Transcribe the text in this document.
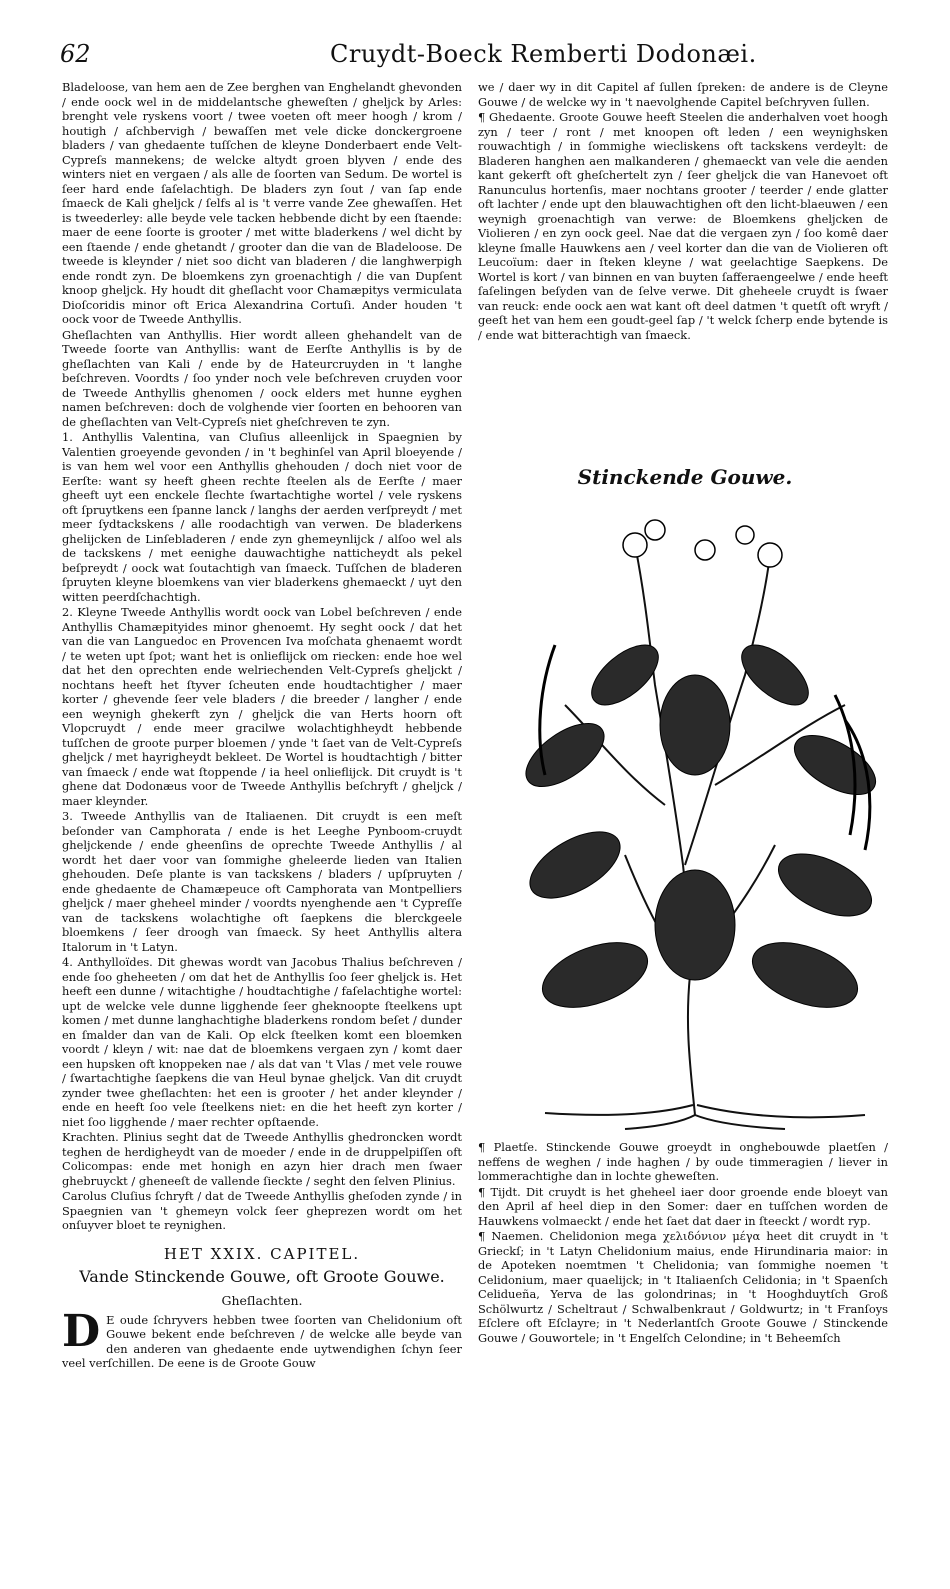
62	Cruydt-Boeck Remberti Dodonæi.

Bladeloose, van hem aen de Zee berghen van Enghelandt ghevonden / ende oock wel in de middelantsche gheweſten / gheljck by Arles: brenght vele ryskens voort / twee voeten oft meer hoogh / krom / houtigh / aſchbervigh / bewaſſen met vele dicke donckergroene bladers / van ghedaente tuſſchen de kleyne Donderbaert ende Velt-Cypreſs mannekens; de welcke altydt groen blyven / ende des winters niet en vergaen / als alle de ſoorten van Sedum. De wortel is ſeer hard ende ſaſelachtigh. De bladers zyn ſout / van ſap ende ſmaeck de Kali gheljck / ſelfs al is 't verre vande Zee ghewaſſen. Het is tweederley: alle beyde vele tacken hebbende dicht by een ſtaende: maer de eene ſoorte is grooter / met witte bladerkens / wel dicht by een ſtaende / ende ghetandt / grooter dan die van de Bladeloose. De tweede is kleynder / niet soo dicht van bladeren / die langhwerpigh ende rondt zyn. De bloemkens zyn groenachtigh / die van Dupſent knoop gheljck. Hy houdt dit gheſlacht voor Chamæpitys vermiculata Dioſcoridis minor oft Erica Alexandrina Cortuſi. Ander houden 't oock voor de Tweede Anthyllis.

Gheſlachten van Anthyllis. Hier wordt alleen ghehandelt van de Tweede ſoorte van Anthyllis: want de Eerſte Anthyllis is by de gheſlachten van Kali / ende by de Hateurcruyden in 't langhe beſchreven. Voordts / ſoo ynder noch vele beſchreven cruyden voor de Tweede Anthyllis ghenomen / oock elders met hunne eyghen namen beſchreven: doch de volghende vier ſoorten en behooren van de gheſlachten van Velt-Cypreſs niet gheſchreven te zyn.

1. Anthyllis Valentina, van Cluſius alleenlijck in Spaegnien by Valentien groeyende gevonden / in 't beghinſel van April bloeyende / is van hem wel voor een Anthyllis ghehouden / doch niet voor de Eerſte: want sy heeft gheen rechte ſteelen als de Eerſte / maer gheeft uyt een enckele ſlechte ſwartachtighe wortel / vele ryskens oft ſpruytkens een ſpanne lanck / langhs der aerden verſpreydt / met meer ſydtackskens / alle roodachtigh van verwen. De bladerkens ghelijcken de Linſebladeren / ende zyn ghemeynlijck / alſoo wel als de tackskens / met eenighe dauwachtighe natticheydt als pekel beſpreydt / oock wat ſoutachtigh van ſmaeck. Tuſſchen de bladeren ſpruyten kleyne bloemkens van vier bladerkens ghemaeckt / uyt den witten peerdſchachtigh.

2. Kleyne Tweede Anthyllis wordt oock van Lobel beſchreven / ende Anthyllis Chamæpityides minor ghenoemt. Hy seght oock / dat het van die van Languedoc en Provencen Iva moſchata ghenaemt wordt / te weten upt ſpot; want het is onlieflijck om riecken: ende hoe wel dat het den oprechten ende welriechenden Velt-Cypreſs gheljckt / nochtans heeft het ſtyver ſcheuten ende houdtachtigher / maer korter / ghevende ſeer vele bladers / die breeder / langher / ende een weynigh ghekerft zyn / gheljck die van Herts hoorn oft Vlopcruydt / ende meer gracilwe wolachtighheydt hebbende tuſſchen de groote purper bloemen / ynde 't ſaet van de Velt-Cypreſs gheljck / met hayrigheydt bekleet. De Wortel is houdtachtigh / bitter van ſmaeck / ende wat ſtoppende / ia heel onlieflijck. Dit cruydt is 't ghene dat Dodonæus voor de Tweede Anthyllis beſchryft / gheljck / maer kleynder.

3. Tweede Anthyllis van de Italiaenen. Dit cruydt is een meſt beſonder van Camphorata / ende is het Leeghe Pynboom-cruydt gheljckende / ende gheenſins de oprechte Tweede Anthyllis / al wordt het daer voor van ſommighe gheleerde lieden van Italien ghehouden. Deſe plante is van tackskens / bladers / upſpruyten / ende ghedaente de Chamæpeuce oft Camphorata van Montpelliers gheljck / maer gheheel minder / voordts nyenghende aen 't Cypreſſe van de tackskens wolachtighe oft ſaepkens die blerckgeele bloemkens / ſeer droogh van ſmaeck. Sy heet Anthyllis altera Italorum in 't Latyn.

4. Anthylloïdes. Dit ghewas wordt van Jacobus Thalius beſchreven / ende ſoo gheheeten / om dat het de Anthyllis ſoo ſeer gheljck is. Het heeft een dunne / witachtighe / houdtachtighe / faſelachtighe wortel: upt de welcke vele dunne ligghende ſeer gheknoopte ſteelkens upt komen / met dunne langhachtighe bladerkens rondom beſet / dunder en ſmalder dan van de Kali. Op elck ſteelken komt een bloemken voordt / kleyn / wit: nae dat de bloemkens vergaen zyn / komt daer een hupsken oft knoppeken nae / als dat van 't Vlas / met vele rouwe / ſwartachtighe ſaepkens die van Heul bynae gheljck. Van dit cruydt zynder twee gheſlachten: het een is grooter / het ander kleynder / ende en heeft ſoo vele ſteelkens niet: en die het heeft zyn korter / niet ſoo ligghende / maer rechter opſtaende.

Krachten. Plinius seght dat de Tweede Anthyllis ghedroncken wordt teghen de herdigheydt van de moeder / ende in de druppelpiſſen oft Colicompas: ende met honigh en azyn hier drach men ſwaer ghebruyckt / gheneeſt de vallende ſieckte / seght den ſelven Plinius.

Carolus Cluſius ſchryft / dat de Tweede Anthyllis gheſoden zynde / in Spaegnien van 't ghemeyn volck ſeer gheprezen wordt om het onſuyver bloet te reynighen.

HET XXIX. CAPITEL.
Vande Stinckende Gouwe, oft Groote Gouwe.
Gheſlachten.

D E oude ſchryvers hebben twee ſoorten van Chelidonium oft Gouwe bekent ende beſchreven / de welcke alle beyde van den anderen van ghedaente ende uytwendighen ſchyn ſeer veel verſchillen. De eene is de Groote Gouw

we / daer wy in dit Capitel af ſullen ſpreken: de andere is de Cleyne Gouwe / de welcke wy in 't naevolghende Capitel beſchryven ſullen.

¶ Ghedaente. Groote Gouwe heeft Steelen die anderhalven voet hoogh zyn / teer / ront / met knoopen oft leden / een weynighsken rouwachtigh / in ſommighe wiecliskens oft tackskens verdeylt: de Bladeren hanghen aen malkanderen / ghemaeckt van vele die aenden kant gekerft oft gheſchertelt zyn / ſeer gheljck die van Hanevoet oft Ranunculus hortenſis, maer nochtans grooter / teerder / ende glatter oft lachter / ende upt den blauwachtighen oft den licht-blaeuwen / een weynigh groenachtigh van verwe: de Bloemkens gheljcken de Violieren / en zyn oock geel. Nae dat die vergaen zyn / ſoo komê daer kleyne ſmalle Hauwkens aen / veel korter dan die van de Violieren oft Leucoïum: daer in ſteken kleyne / wat geelachtige Saepkens. De Wortel is kort / van binnen en van buyten ſafferaengeelwe / ende heeft ſaſelingen beſyden van de ſelve verwe. Dit gheheele cruydt is ſwaer van reuck: ende oock aen wat kant oft deel datmen 't quetſt oft wryft / geeſt het van hem een goudt-geel ſap / 't welck ſcherp ende bytende is / ende wat bitterachtigh van ſmaeck.

Stinckende Gouwe.

¶ Plaetſe. Stinckende Gouwe groeydt in onghebouwde plaetſen / neffens de weghen / inde haghen / by oude timmeragien / liever in lommerachtighe dan in lochte gheweſten.

¶ Tijdt. Dit cruydt is het gheheel iaer door groende ende bloeyt van den April af heel diep in den Somer: daer en tuſſchen worden de Hauwkens volmaeckt / ende het ſaet dat daer in ſteeckt / wordt ryp.

¶ Naemen. Chelidonion mega χελιδόνιον μέγα heet dit cruydt in 't Grieckſ; in 't Latyn Chelidonium maius, ende Hirundinaria maior: in de Apoteken noemtmen 't Chelidonia; van ſommighe noemen 't Celidonium, maer quaelijck; in 't Italiaenſch Celidonia; in 't Spaenſch Celidueña, Yerva de las golondrinas; in 't Hooghduytſch Groß Schölwurtz / Scheltraut / Schwalbenkraut / Goldwurtz; in 't Franſoys Eſclere oft Eſclayre; in 't Nederlantſch Groote Gouwe / Stinckende Gouwe / Gouwortele; in 't Engelſch Celondine; in 't Beheemſch
